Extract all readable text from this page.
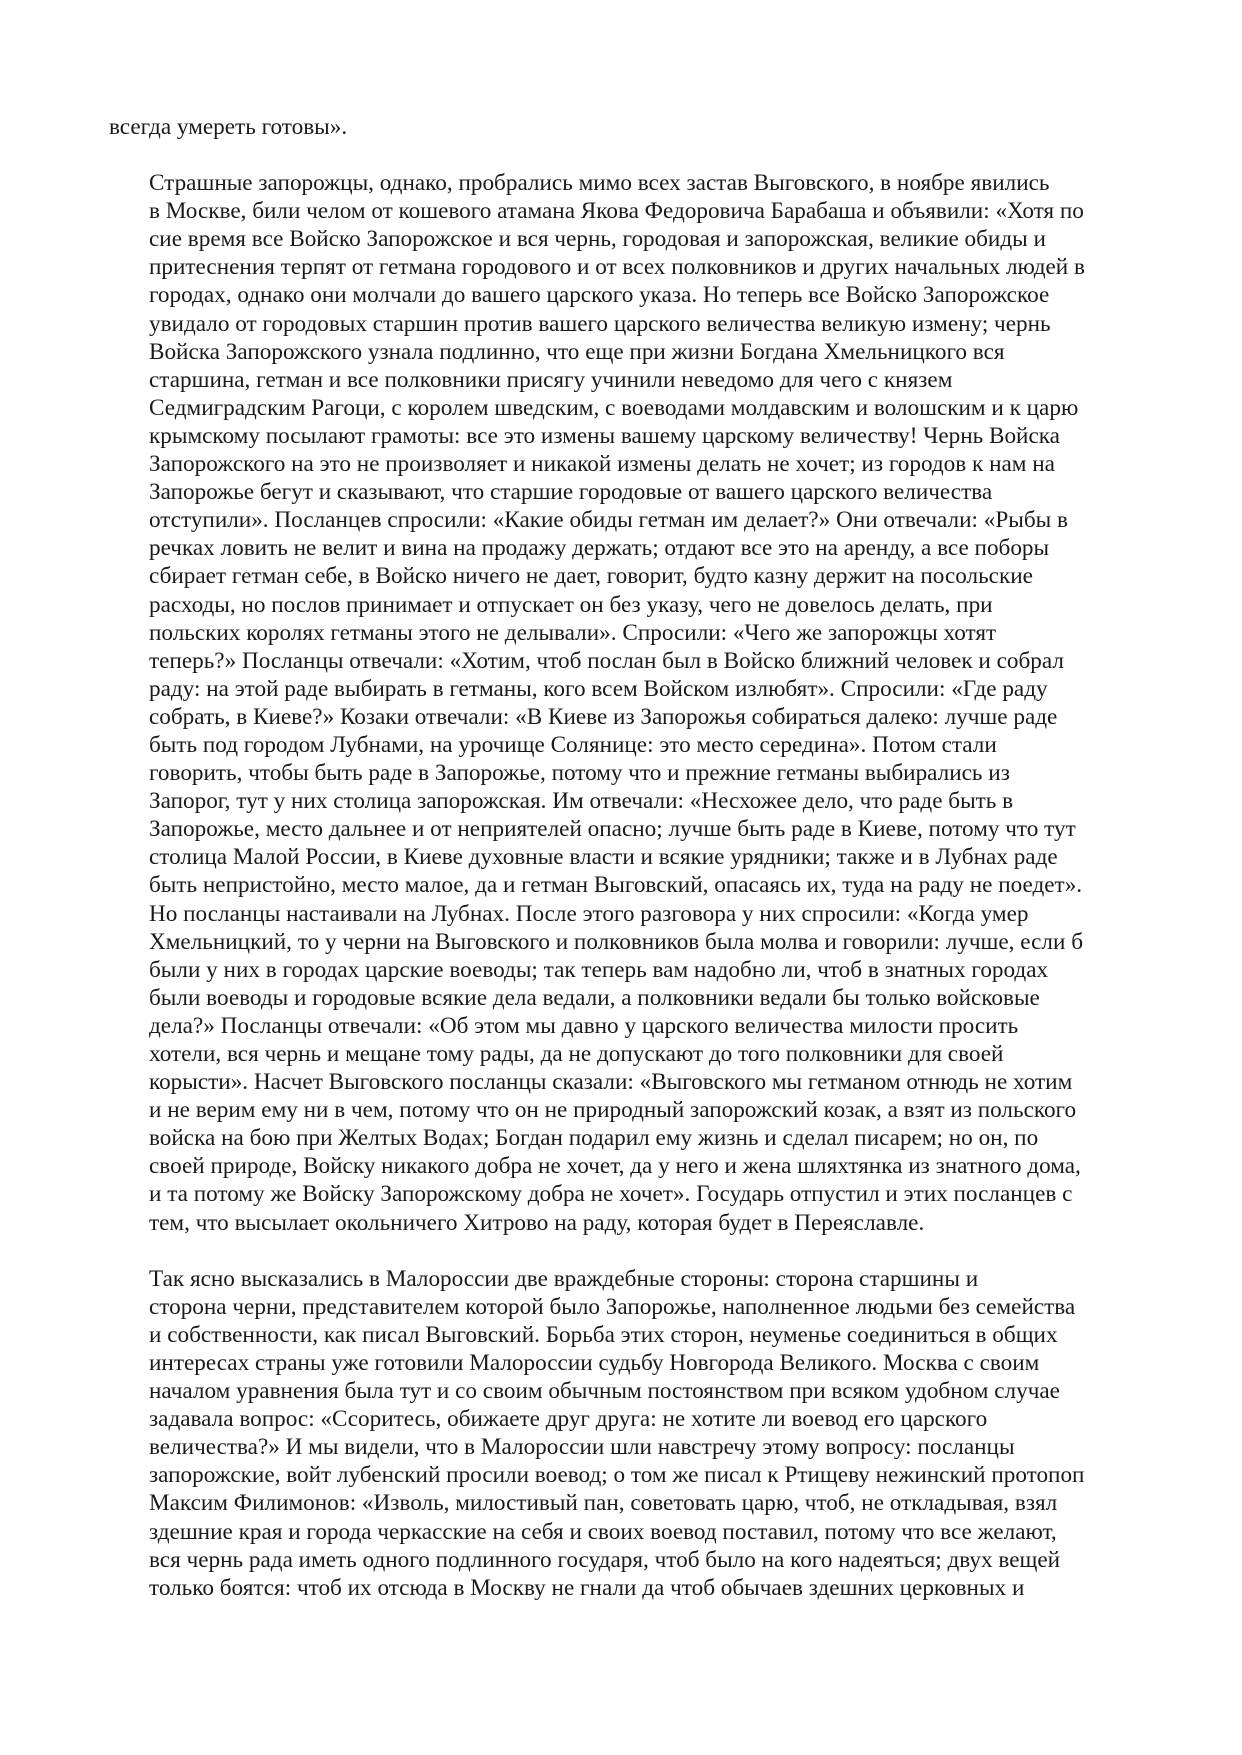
всегда умереть готовы».

Страшные запорожцы, однако, пробрались мимо всех застав Выговского, в ноябре явились
в Москве, били челом от кошевого атамана Якова Федоровича Барабаша и объявили: «Хотя по
сие время все Войско Запорожское и вся чернь, городовая и запорожская, великие обиды и
притеснения терпят от гетмана городового и от всех полковников и других начальных людей в
городах, однако они молчали до вашего царского указа. Но теперь все Войско Запорожское
увидало от городовых старшин против вашего царского величества великую измену; чернь
Войска Запорожского узнала подлинно, что еще при жизни Богдана Хмельницкого вся
старшина, гетман и все полковники присягу учинили неведомо для чего с князем
Седмиградским Рагоци, с королем шведским, с воеводами молдавским и волошским и к царю
крымскому посылают грамоты: все это измены вашему царскому величеству! Чернь Войска
Запорожского на это не произволяет и никакой измены делать не хочет; из городов к нам на
Запорожье бегут и сказывают, что старшие городовые от вашего царского величества
отступили». Посланцев спросили: «Какие обиды гетман им делает?» Они отвечали: «Рыбы в
речках ловить не велит и вина на продажу держать; отдают все это на аренду, а все поборы
сбирает гетман себе, в Войско ничего не дает, говорит, будто казну держит на посольские
расходы, но послов принимает и отпускает он без указу, чего не довелось делать, при
польских королях гетманы этого не делывали». Спросили: «Чего же запорожцы хотят
теперь?» Посланцы отвечали: «Хотим, чтоб послан был в Войско ближний человек и собрал
раду: на этой раде выбирать в гетманы, кого всем Войском излюбят». Спросили: «Где раду
собрать, в Киеве?» Козаки отвечали: «В Киеве из Запорожья собираться далеко: лучше раде
быть под городом Лубнами, на урочище Солянице: это место середина». Потом стали
говорить, чтобы быть раде в Запорожье, потому что и прежние гетманы выбирались из
Запорог, тут у них столица запорожская. Им отвечали: «Несхожее дело, что раде быть в
Запорожье, место дальнее и от неприятелей опасно; лучше быть раде в Киеве, потому что тут
столица Малой России, в Киеве духовные власти и всякие урядники; также и в Лубнах раде
быть непристойно, место малое, да и гетман Выговский, опасаясь их, туда на раду не поедет».
Но посланцы настаивали на Лубнах. После этого разговора у них спросили: «Когда умер
Хмельницкий, то у черни на Выговского и полковников была молва и говорили: лучше, если б
были у них в городах царские воеводы; так теперь вам надобно ли, чтоб в знатных городах
были воеводы и городовые всякие дела ведали, а полковники ведали бы только войсковые
дела?» Посланцы отвечали: «Об этом мы давно у царского величества милости просить
хотели, вся чернь и мещане тому рады, да не допускают до того полковники для своей
корысти». Насчет Выговского посланцы сказали: «Выговского мы гетманом отнюдь не хотим
и не верим ему ни в чем, потому что он не природный запорожский козак, а взят из польского
войска на бою при Желтых Водах; Богдан подарил ему жизнь и сделал писарем; но он, по
своей природе, Войску никакого добра не хочет, да у него и жена шляхтянка из знатного дома,
и та потому же Войску Запорожскому добра не хочет». Государь отпустил и этих посланцев с
тем, что высылает окольничего Хитрово на раду, которая будет в Переяславле.

Так ясно высказались в Малороссии две враждебные стороны: сторона старшины и
сторона черни, представителем которой было Запорожье, наполненное людьми без семейства
и собственности, как писал Выговский. Борьба этих сторон, неуменье соединиться в общих
интересах страны уже готовили Малороссии судьбу Новгорода Великого. Москва с своим
началом уравнения была тут и со своим обычным постоянством при всяком удобном случае
задавала вопрос: «Ссоритесь, обижаете друг друга: не хотите ли воевод его царского
величества?» И мы видели, что в Малороссии шли навстречу этому вопросу: посланцы
запорожские, войт лубенский просили воевод; о том же писал к Ртищеву нежинский протопоп
Максим Филимонов: «Изволь, милостивый пан, советовать царю, чтоб, не откладывая, взял
здешние края и города черкасские на себя и своих воевод поставил, потому что все желают,
вся чернь рада иметь одного подлинного государя, чтоб было на кого надеяться; двух вещей
только боятся: чтоб их отсюда в Москву не гнали да чтоб обычаев здешних церковных и
